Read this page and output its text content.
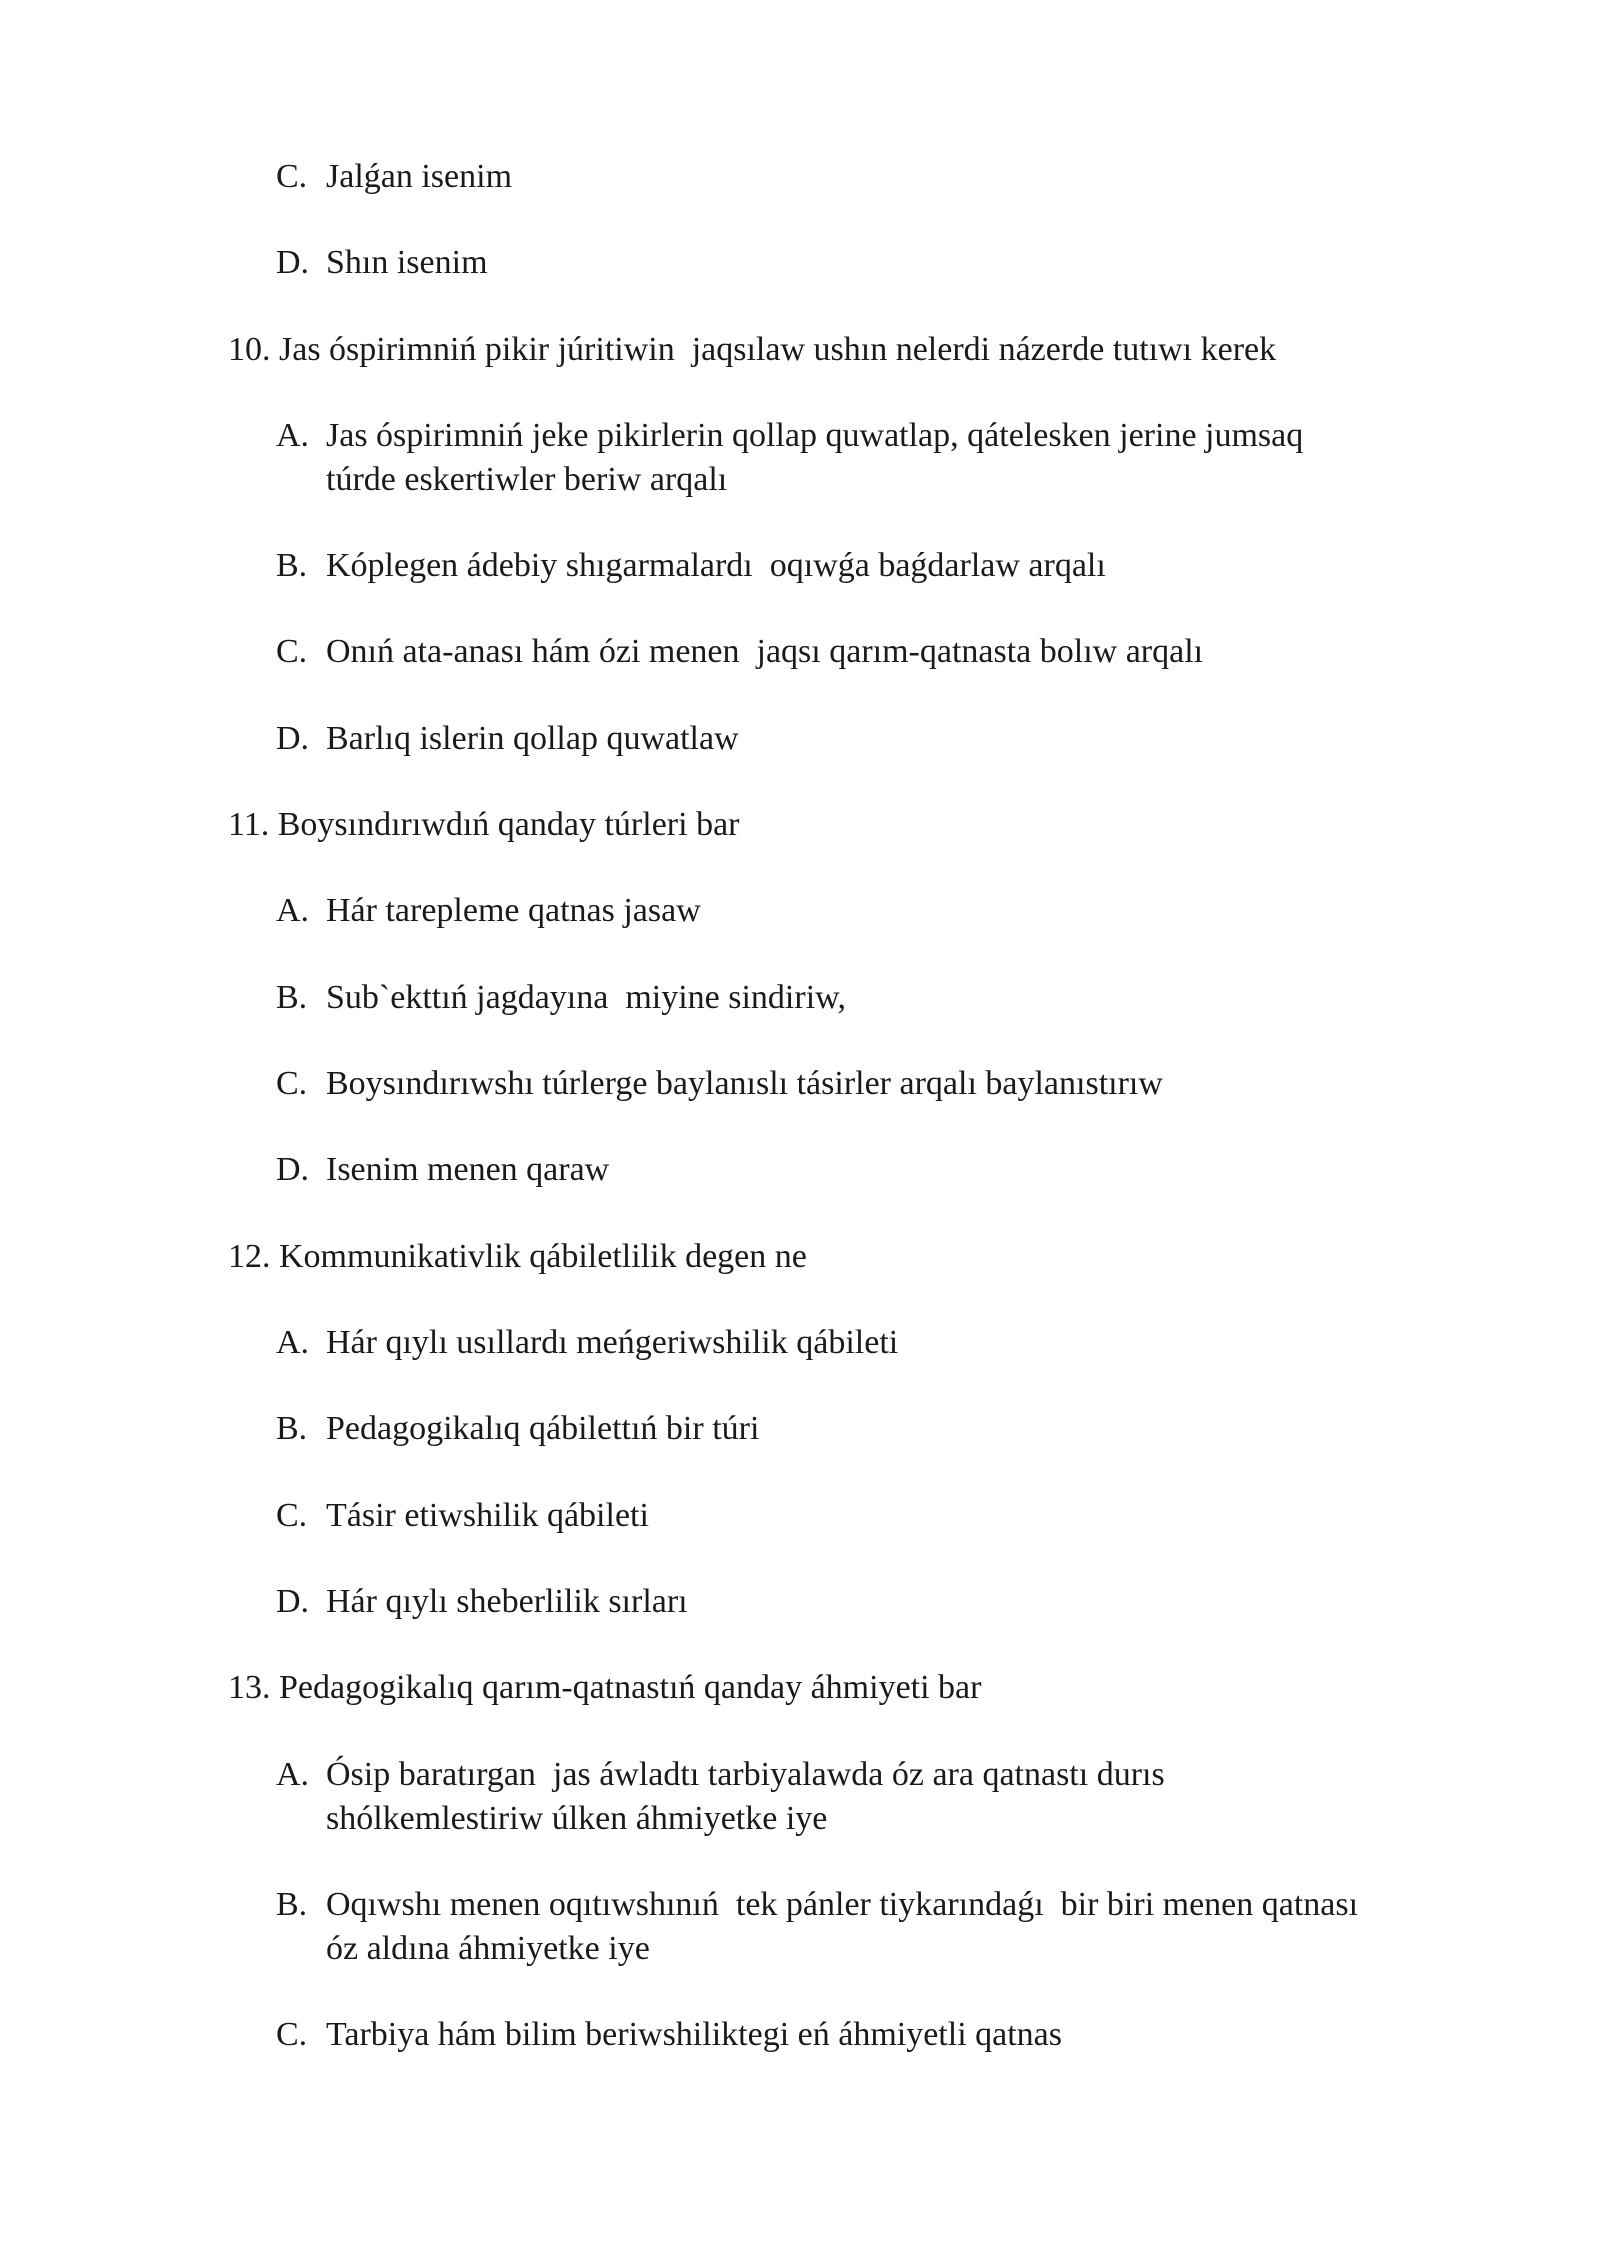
C. Jalǵan isenim
D. Shın isenim
10. Jas óspirimniń pikir júritiwin  jaqsılaw ushın nelerdi názerde tutıwı kerek
A. Jas óspirimniń jeke pikirlerin qollap quwatlap, qátelesken jerine jumsaq
túrde eskertiwler beriw arqalı
B. Kóplegen ádebiy shıgarmalardı  oqıwǵa baǵdarlaw arqalı
C. Onıń ata-anası hám ózi menen  jaqsı qarım-qatnasta bolıw arqalı
D. Barlıq islerin qollap quwatlaw
11. Boysındırıwdıń qanday túrleri bar
A. Hár tarepleme qatnas jasaw
B. Sub`ekttıń jagdayına  miyine sindiriw,
C. Boysındırıwshı túrlerge baylanıslı tásirler arqalı baylanıstırıw
D. Isenim menen qaraw
12. Kommunikativlik qábiletlilik degen ne
A. Hár qıylı usıllardı meńgeriwshilik qábileti
B. Pedagogikalıq qábilettıń bir túri
C. Tásir etiwshilik qábileti
D. Hár qıylı sheberlilik sırları
13. Pedagogikalıq qarım-qatnastıń qanday áhmiyeti bar
A. Ósip baratırgan  jas áwladtı tarbiyalawda óz ara qatnastı durıs
shólkemlestiriw úlken áhmiyetke iye
B. Oqıwshı menen oqıtıwshınıń  tek pánler tiykarındaǵı  bir biri menen qatnası
óz aldına áhmiyetke iye
C. Tarbiya hám bilim beriwshiliktegi eń áhmiyetli qatnas
